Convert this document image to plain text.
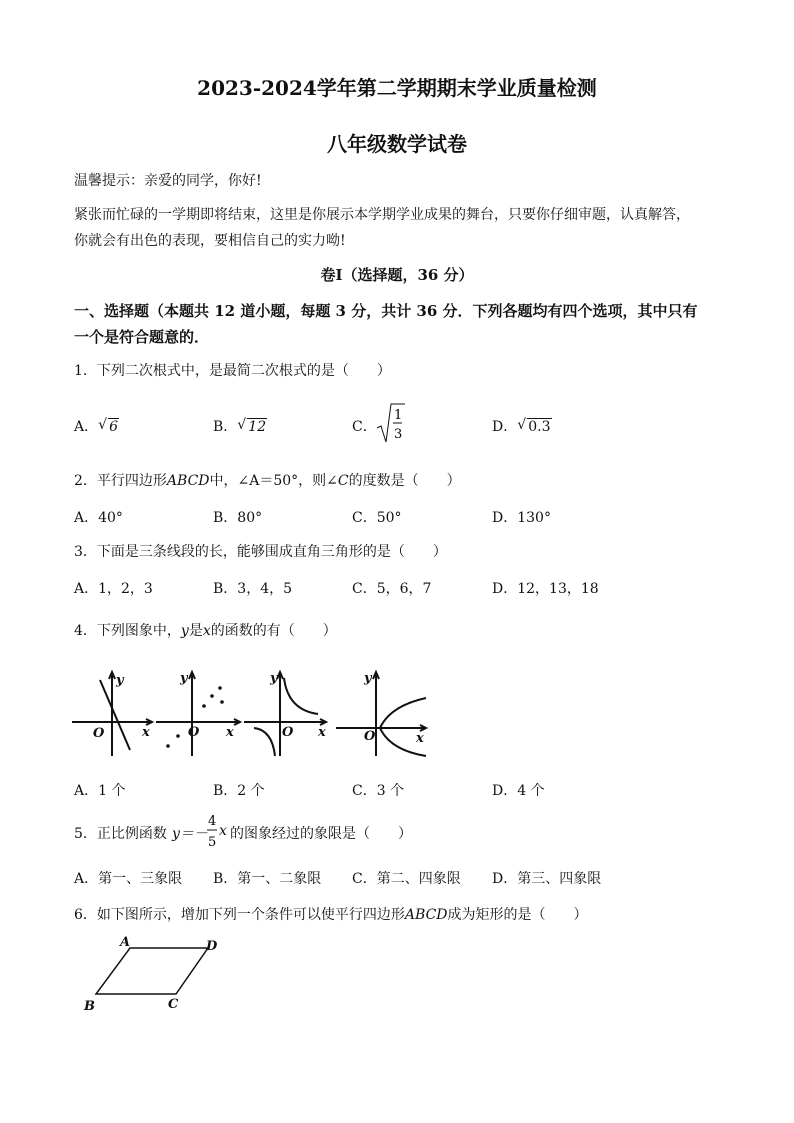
2023-2024学年第二学期期末学业质量检测
八年级数学试卷
温馨提示：亲爱的同学，你好!
紧张而忙碌的一学期即将结束，这里是你展示本学期学业成果的舞台，只要你仔细审题，认真解答，
你就会有出色的表现，要相信自己的实力呦!
卷Ⅰ（选择题，36 分）
一、选择题（本题共 12 道小题，每题 3 分，共计 36 分．下列各题均有四个选项，其中只有
一个是符合题意的．
1．下列二次根式中，是最简二次根式的是（　　）
A． √ 6	B． √ 12	C．
1
3	D． √ 0.3
2．平行四边形ABCD中，∠A＝50°，则∠C的度数是（　　）
A．40°	B．80°	C．50°	D．130°
3．下面是三条线段的长，能够围成直角三角形的是（　　）
A．1，2，3	B．3，4，5	C．5，6，7	D．12，13，18
4．下列图象中，y是x的函数的有（　　）
y
O	x
y
O x
y
O x
y
O	x
A．1 个	B．2 个	C．3 个	D．4 个
5．正比例函数 y＝－
4
5
x 的图象经过的象限是（　　）
A．第一、三象限 B．第一、二象限 C．第二、四象限 D．第三、四象限
6．如下图所示，增加下列一个条件可以使平行四边形ABCD成为矩形的是（　　）
A	D
B	C
